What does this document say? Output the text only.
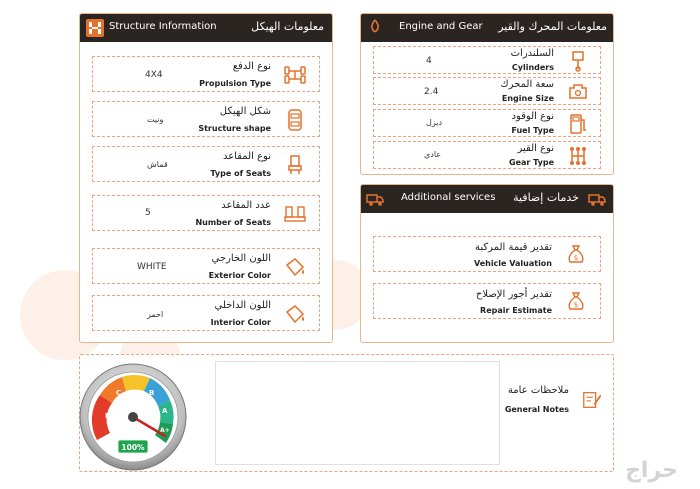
Structure Information	معلومات الهيكل
4X4
نوع الدفع
Propulsion Type
ونيت
شكل الهيكل
Structure shape
قماش
نوع المقاعد
Type of Seats
5
عدد المقاعد
Number of Seats
WHITE
اللون الخارجي
Exterior Color
احمر
اللون الداخلي
Interior Color
Engine and Gear معلومات المحرك والقير
4
السلندرات
Cylinders
2.4
سعة المحرك
Engine Size
ديزل
نوع الوقود
Fuel Type
عادي
نوع القير
Gear Type
Additional services خدمات إضافية
تقدير قيمة المركبة
Vehicle Valuation
$
تقدير أجور الإصلاح
Repair Estimate
$
ملاحظات عامة
General Notes
D
C	B
A
A+
100%
حراج
